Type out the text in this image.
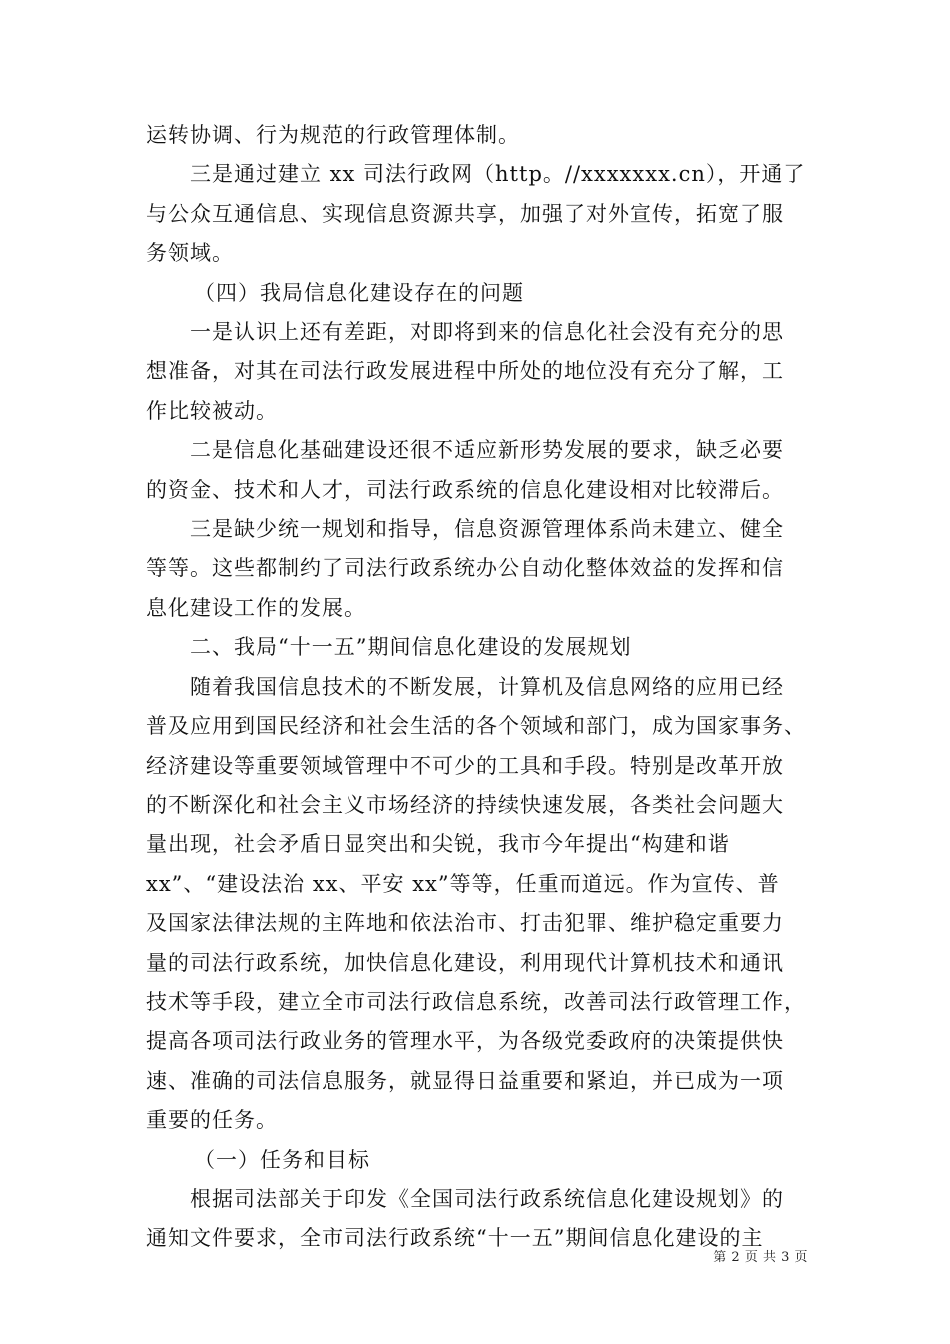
运转协调、行为规范的行政管理体制。

三是通过建立 xx 司法行政网（http。//xxxxxxx.cn），开通了
与公众互通信息、实现信息资源共享，加强了对外宣传，拓宽了服
务领域。

（四）我局信息化建设存在的问题

一是认识上还有差距，对即将到来的信息化社会没有充分的思
想准备，对其在司法行政发展进程中所处的地位没有充分了解，工
作比较被动。

二是信息化基础建设还很不适应新形势发展的要求，缺乏必要
的资金、技术和人才，司法行政系统的信息化建设相对比较滞后。

三是缺少统一规划和指导，信息资源管理体系尚未建立、健全
等等。这些都制约了司法行政系统办公自动化整体效益的发挥和信
息化建设工作的发展。

二、我局“十一五”期间信息化建设的发展规划

随着我国信息技术的不断发展，计算机及信息网络的应用已经
普及应用到国民经济和社会生活的各个领域和部门，成为国家事务、
经济建设等重要领域管理中不可少的工具和手段。特别是改革开放
的不断深化和社会主义市场经济的持续快速发展，各类社会问题大
量出现，社会矛盾日显突出和尖锐，我市今年提出“构建和谐
xx”、“建设法治 xx、平安 xx”等等，任重而道远。作为宣传、普
及国家法律法规的主阵地和依法治市、打击犯罪、维护稳定重要力
量的司法行政系统，加快信息化建设，利用现代计算机技术和通讯
技术等手段，建立全市司法行政信息系统，改善司法行政管理工作，
提高各项司法行政业务的管理水平，为各级党委政府的决策提供快
速、准确的司法信息服务，就显得日益重要和紧迫，并已成为一项
重要的任务。

（一）任务和目标

根据司法部关于印发《全国司法行政系统信息化建设规划》的
通知文件要求，全市司法行政系统“十一五”期间信息化建设的主

第 2 页 共 3 页
